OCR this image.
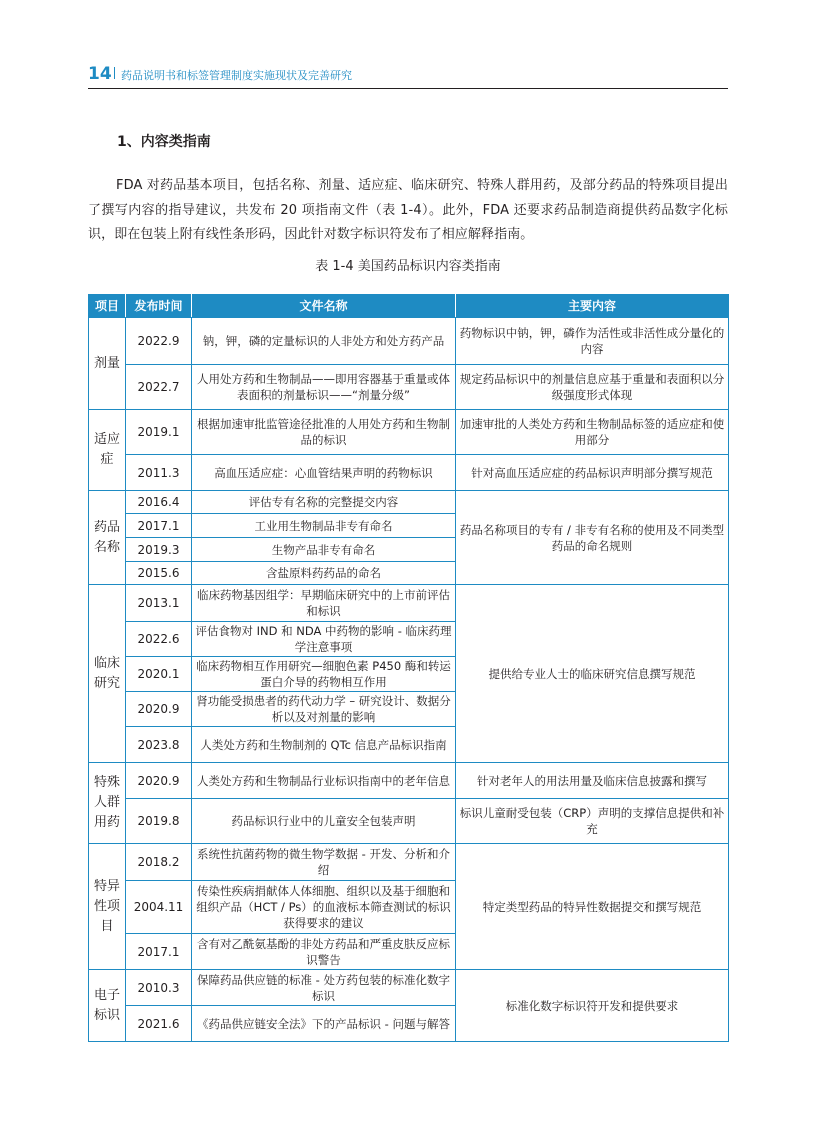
14 药品说明书和标签管理制度实施现状及完善研究
1、内容类指南
FDA 对药品基本项目，包括名称、剂量、适应症、临床研究、特殊人群用药，及部分药品的特殊项目提出了撰写内容的指导建议，共发布 20 项指南文件（表 1-4）。此外，FDA 还要求药品制造商提供药品数字化标识，即在包装上附有线性条形码，因此针对数字标识符发布了相应解释指南。
表 1-4 美国药品标识内容类指南
项目	发布时间	文件名称	主要内容
剂量	2022.9	钠，钾，磷的定量标识的人非处方和处方药产品	药物标识中钠，钾，磷作为活性或非活性成分量化的内容
	2022.7	人用处方药和生物制品——即用容器基于重量或体表面积的剂量标识——“剂量分级”	规定药品标识中的剂量信息应基于重量和表面积以分级强度形式体现
适应症	2019.1	根据加速审批监管途径批准的人用处方药和生物制品的标识	加速审批的人类处方药和生物制品标签的适应症和使用部分
	2011.3	高血压适应症：心血管结果声明的药物标识	针对高血压适应症的药品标识声明部分撰写规范
药品名称	2016.4	评估专有名称的完整提交内容	药品名称项目的专有 / 非专有名称的使用及不同类型药品的命名规则
	2017.1	工业用生物制品非专有命名	
	2019.3	生物产品非专有命名	
	2015.6	含盐原料药药品的命名	
临床研究	2013.1	临床药物基因组学：早期临床研究中的上市前评估和标识	提供给专业人士的临床研究信息撰写规范
	2022.6	评估食物对 IND 和 NDA 中药物的影响 - 临床药理学注意事项	
	2020.1	临床药物相互作用研究—细胞色素 P450 酶和转运蛋白介导的药物相互作用	
	2020.9	肾功能受损患者的药代动力学 – 研究设计、数据分析以及对剂量的影响	
	2023.8	人类处方药和生物制剂的 QTc 信息产品标识指南	
特殊人群用药	2020.9	人类处方药和生物制品行业标识指南中的老年信息	针对老年人的用法用量及临床信息披露和撰写
	2019.8	药品标识行业中的儿童安全包装声明	标识儿童耐受包装（CRP）声明的支撑信息提供和补充
特异性项目	2018.2	系统性抗菌药物的微生物学数据 - 开发、分析和介绍	特定类型药品的特异性数据提交和撰写规范
	2004.11	传染性疾病捐献体人体细胞、组织以及基于细胞和组织产品（HCT / Ps）的血液标本筛查测试的标识获得要求的建议	
	2017.1	含有对乙酰氨基酚的非处方药品和严重皮肤反应标识警告	
电子标识	2010.3	保障药品供应链的标准 - 处方药包装的标准化数字标识	标准化数字标识符开发和提供要求
	2021.6	《药品供应链安全法》下的产品标识 - 问题与解答	
